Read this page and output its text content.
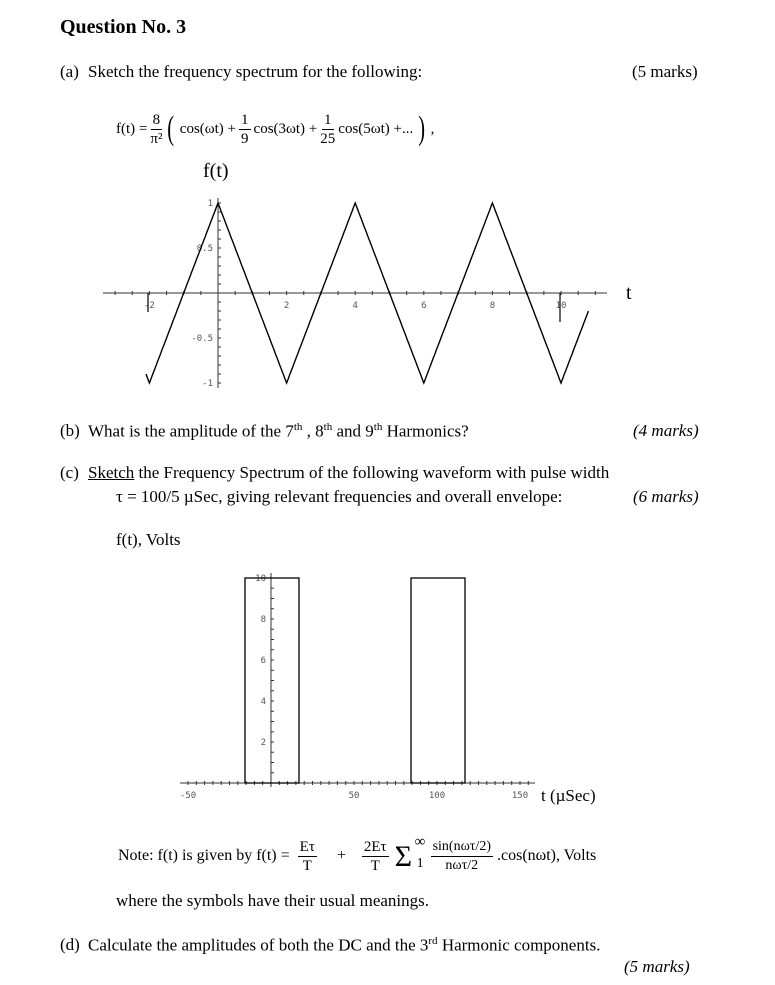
Question No. 3
(a) Sketch the frequency spectrum for the following:	(5 marks)
$f(t) = \frac{8}{\text{π²}}$ ( $\cos(\omega t) + \frac{1}{9} \cos(3\omega t) + \frac{1}{25} \cos(5\omega t)$ +... ) ,
f(t)
t
-2	2	4	6	8	10
1
0.5
-0.5
-1
(b) What is the amplitude of the 7th , 8th and 9th Harmonics?	(4 marks)
(c) Sketch the Frequency Spectrum of the following waveform with pulse width
τ = 100/5 µSec, giving relevant frequencies and overall envelope:	(6 marks)
f(t), Volts
t (µSec)
-50	50	100	150
10
8
6
4
2
Note: f(t) is given by $f(t) = \frac{E\tau}{T} + \frac{2E\tau}{T}$ Σ ∞
$1 \frac{\text{sin(nωτ/2)}}{\text{nωτ/2}} .\cos(n\omega t)$, Volts
where the symbols have their usual meanings.
(d) Calculate the amplitudes of both the DC and the 3rd Harmonic components.
(5 marks)
